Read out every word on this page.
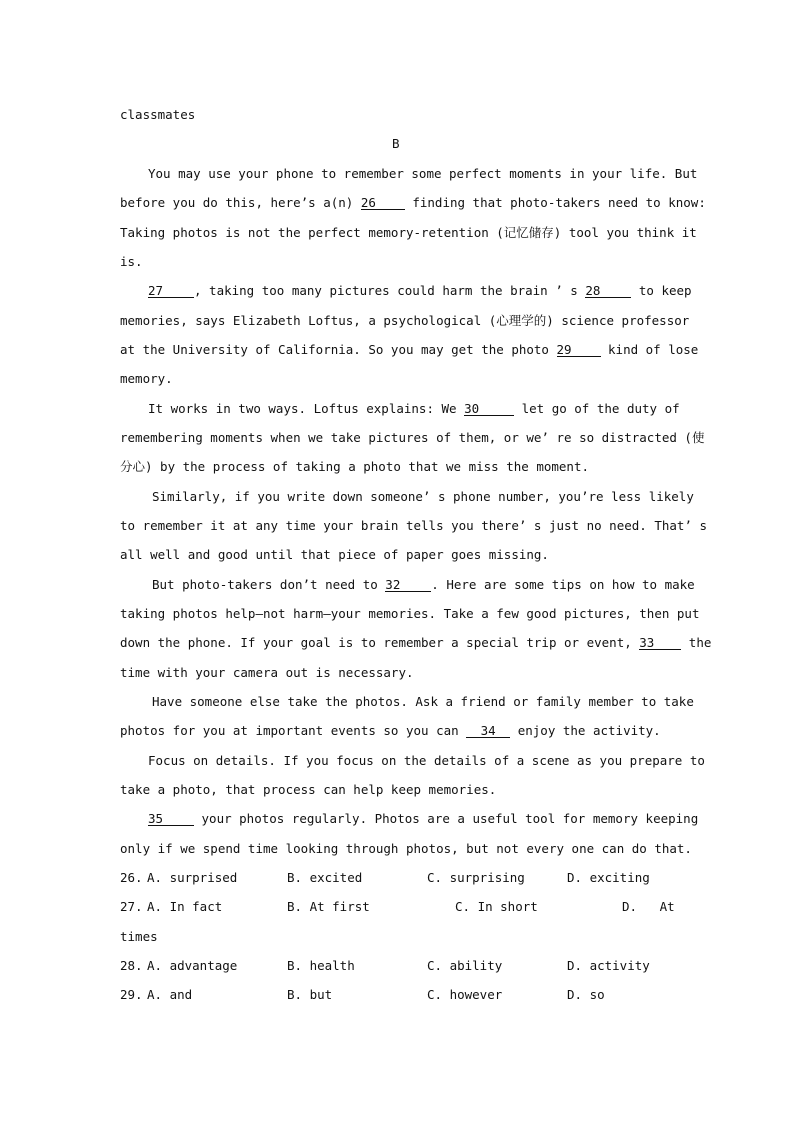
classmates
B
You may use your phone to remember some perfect moments in your life. But
before you do this, here’s a(n) 26 finding that photo-takers need to know:
Taking photos is not the perfect memory-retention (记忆储存) tool you think it
is.
27 , taking too many pictures could harm the brain ’ s 28 to keep
memories, says Elizabeth Loftus, a psychological (心理学的) science professor
at the University of California. So you may get the photo 29 kind of lose
memory.
It works in two ways. Loftus explains: We 30	let go of the duty of
remembering moments when we take pictures of them, or we’ re so distracted (使
分心) by the process of taking a photo that we miss the moment.
Similarly, if you write down someone’ s phone number, you’re less likely
to remember it at any time your brain tells you there’ s just no need. That’ s
all well and good until that piece of paper goes missing.
But photo-takers don’t need to 32 . Here are some tips on how to make
taking photos help—not harm—your memories. Take a few good pictures, then put
down the phone. If your goal is to remember a special trip or event, 33 the
time with your camera out is necessary.
Have someone else take the photos. Ask a friend or family member to take
photos for you at important events so you can 34 enjoy the activity.
Focus on details. If you focus on the details of a scene as you prepare to
take a photo, that process can help keep memories.
35 your photos regularly. Photos are a useful tool for memory keeping
only if we spend time looking through photos, but not every one can do that.
26.
A. surprised	B. excited	C. surprising	D. exciting
27.
A. In fact	B. At first	C. In short	D.   At
times
28.
A. advantage	B. health	C. ability	D. activity
29.
A. and	B. but	C. however	D. so
